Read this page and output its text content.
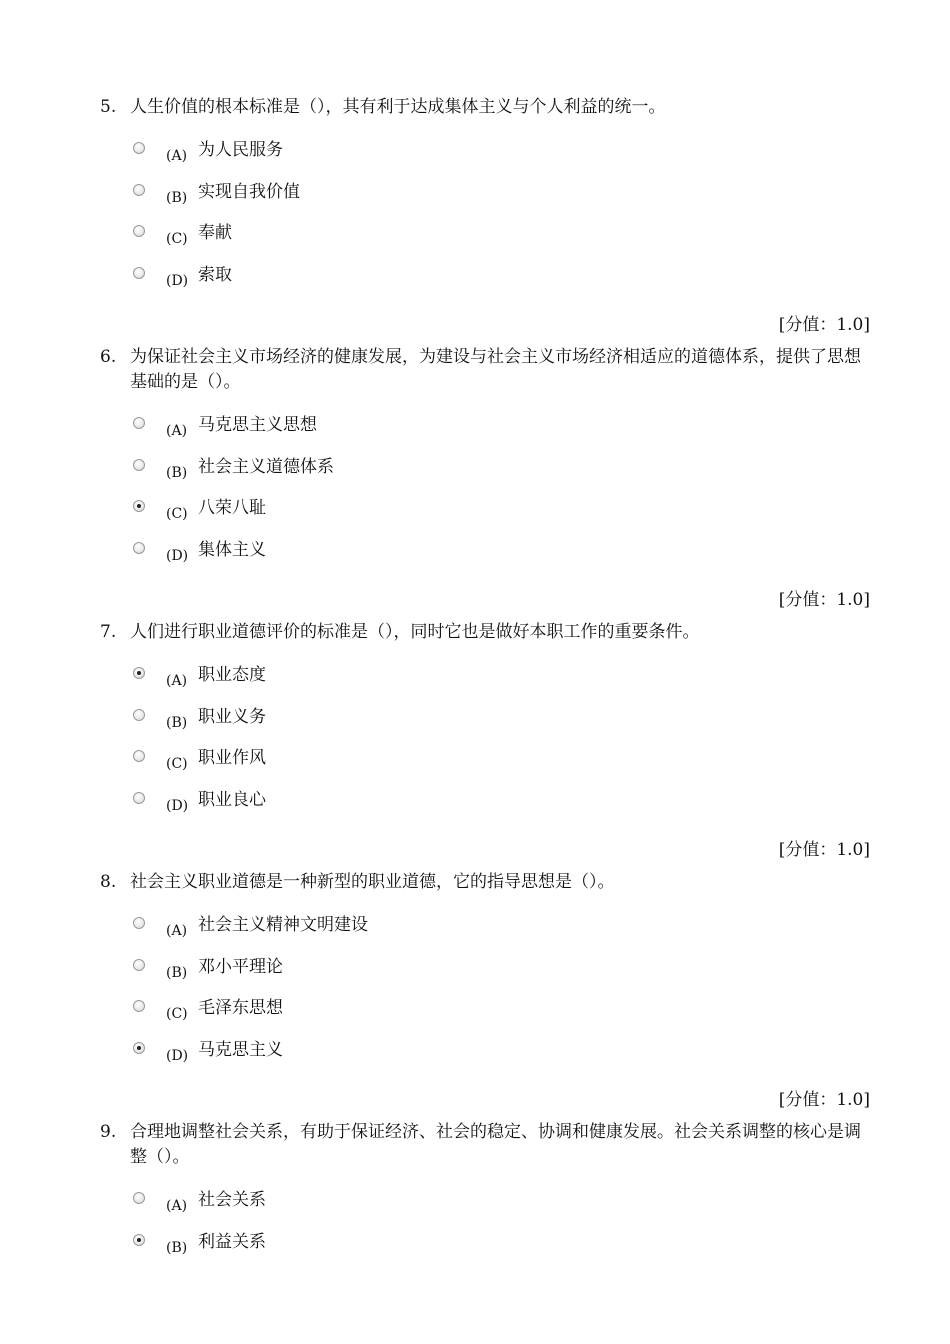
5. 人生价值的根本标准是（），其有利于达成集体主义与个人利益的统一。
(A) 为人民服务
(B) 实现自我价值
(C) 奉献
(D) 索取
[分值：1.0]
6. 为保证社会主义市场经济的健康发展，为建设与社会主义市场经济相适应的道德体系，提供了思想基础的是（）。
(A) 马克思主义思想
(B) 社会主义道德体系
(C) 八荣八耻
(D) 集体主义
[分值：1.0]
7. 人们进行职业道德评价的标准是（），同时它也是做好本职工作的重要条件。
(A) 职业态度
(B) 职业义务
(C) 职业作风
(D) 职业良心
[分值：1.0]
8. 社会主义职业道德是一种新型的职业道德，它的指导思想是（）。
(A) 社会主义精神文明建设
(B) 邓小平理论
(C) 毛泽东思想
(D) 马克思主义
[分值：1.0]
9. 合理地调整社会关系，有助于保证经济、社会的稳定、协调和健康发展。社会关系调整的核心是调整（）。
(A) 社会关系
(B) 利益关系
